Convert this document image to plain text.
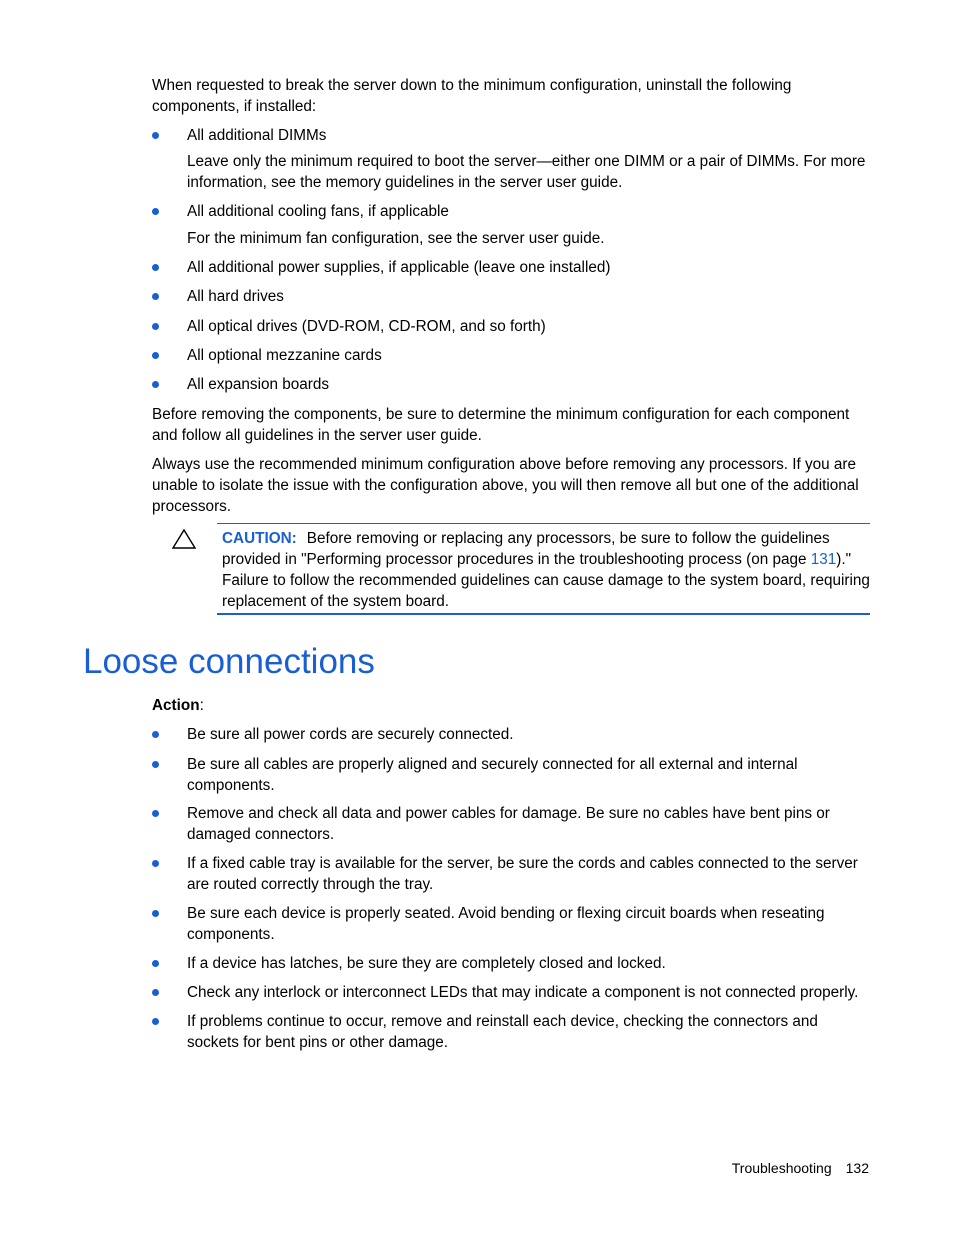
When requested to break the server down to the minimum configuration, uninstall the following components, if installed:

All additional DIMMs

Leave only the minimum required to boot the server—either one DIMM or a pair of DIMMs. For more information, see the memory guidelines in the server user guide.

All additional cooling fans, if applicable

For the minimum fan configuration, see the server user guide.

All additional power supplies, if applicable (leave one installed)
All hard drives
All optical drives (DVD-ROM, CD-ROM, and so forth)
All optional mezzanine cards
All expansion boards

Before removing the components, be sure to determine the minimum configuration for each component and follow all guidelines in the server user guide.

Always use the recommended minimum configuration above before removing any processors. If you are unable to isolate the issue with the configuration above, you will then remove all but one of the additional processors.

CAUTION: Before removing or replacing any processors, be sure to follow the guidelines provided in "Performing processor procedures in the troubleshooting process (on page 131)." Failure to follow the recommended guidelines can cause damage to the system board, requiring replacement of the system board.
Loose connections

Action:

Be sure all power cords are securely connected.
Be sure all cables are properly aligned and securely connected for all external and internal components.
Remove and check all data and power cables for damage. Be sure no cables have bent pins or damaged connectors.
If a fixed cable tray is available for the server, be sure the cords and cables connected to the server are routed correctly through the tray.
Be sure each device is properly seated. Avoid bending or flexing circuit boards when reseating components.
If a device has latches, be sure they are completely closed and locked.
Check any interlock or interconnect LEDs that may indicate a component is not connected properly.
If problems continue to occur, remove and reinstall each device, checking the connectors and sockets for bent pins or other damage.
Troubleshooting 132
